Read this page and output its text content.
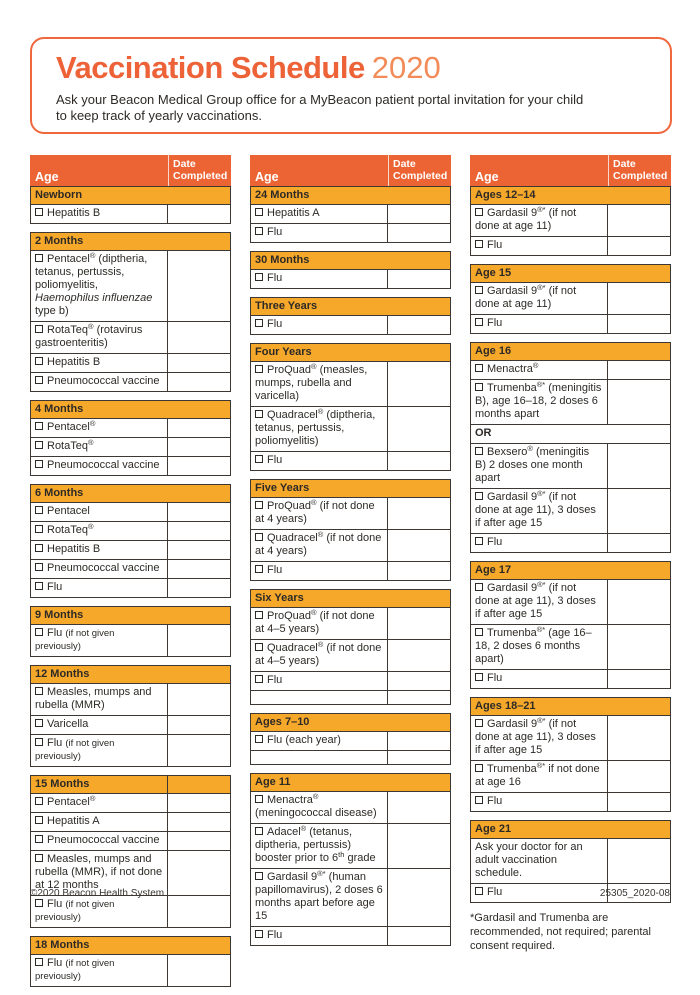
Vaccination Schedule 2020

Ask your Beacon Medical Group office for a MyBeacon patient portal invitation for your child to keep track of yearly vaccinations.

Age
Date Completed
Newborn
Hepatitis B
2 Months
Pentacel® (diptheria, tetanus, pertussis, poliomyelitis, Haemophilus influenzae type b)
RotaTeq® (rotavirus gastroenteritis)
Hepatitis B
Pneumococcal vaccine
4 Months
Pentacel®
RotaTeq®
Pneumococcal vaccine
6 Months
Pentacel
RotaTeq®
Hepatitis B
Pneumococcal vaccine
Flu
9 Months
Flu (if not given previously)
12 Months
Measles, mumps and rubella (MMR)
Varicella
Flu (if not given previously)
15 Months
Pentacel®
Hepatitis A
Pneumococcal vaccine
Measles, mumps and rubella (MMR), if not done at 12 months
Flu (if not given previously)
18 Months
Flu (if not given previously)
Age
Date Completed
24 Months
Hepatitis A
Flu
30 Months
Flu
Three Years
Flu
Four Years
ProQuad® (measles, mumps, rubella and varicella)
Quadracel® (diptheria, tetanus, pertussis, poliomyelitis)
Flu
Five Years
ProQuad® (if not done at 4 years)
Quadracel® (if not done at 4 years)
Flu
Six Years
ProQuad® (if not done at 4–5 years)
Quadracel® (if not done at 4–5 years)
Flu
Ages 7–10
Flu (each year)
Age 11
Menactra® (meningococcal disease)
Adacel® (tetanus, diptheria, pertussis) booster prior to 6th grade
Gardasil 9®* (human papillomavirus), 2 doses 6 months apart before age 15
Flu
Age
Date Completed
Ages 12–14
Gardasil 9®* (if not done at age 11)
Flu
Age 15
Gardasil 9®* (if not done at age 11)
Flu
Age 16
Menactra®
Trumenba®* (meningitis B), age 16–18, 2 doses 6 months apart
OR
Bexsero® (meningitis B) 2 doses one month apart
Gardasil 9®* (if not done at age 11), 3 doses if after age 15
Flu
Age 17
Gardasil 9®* (if not done at age 11), 3 doses if after age 15
Trumenba®* (age 16–18, 2 doses 6 months apart)
Flu
Ages 18–21
Gardasil 9®* (if not done at age 11), 3 doses if after age 15
Trumenba®* if not done at age 16
Flu
Age 21
Ask your doctor for an adult vaccination schedule.
Flu
*Gardasil and Trumenba are recommended, not required; parental consent required.
©2020 Beacon Health System	25305_2020-08
